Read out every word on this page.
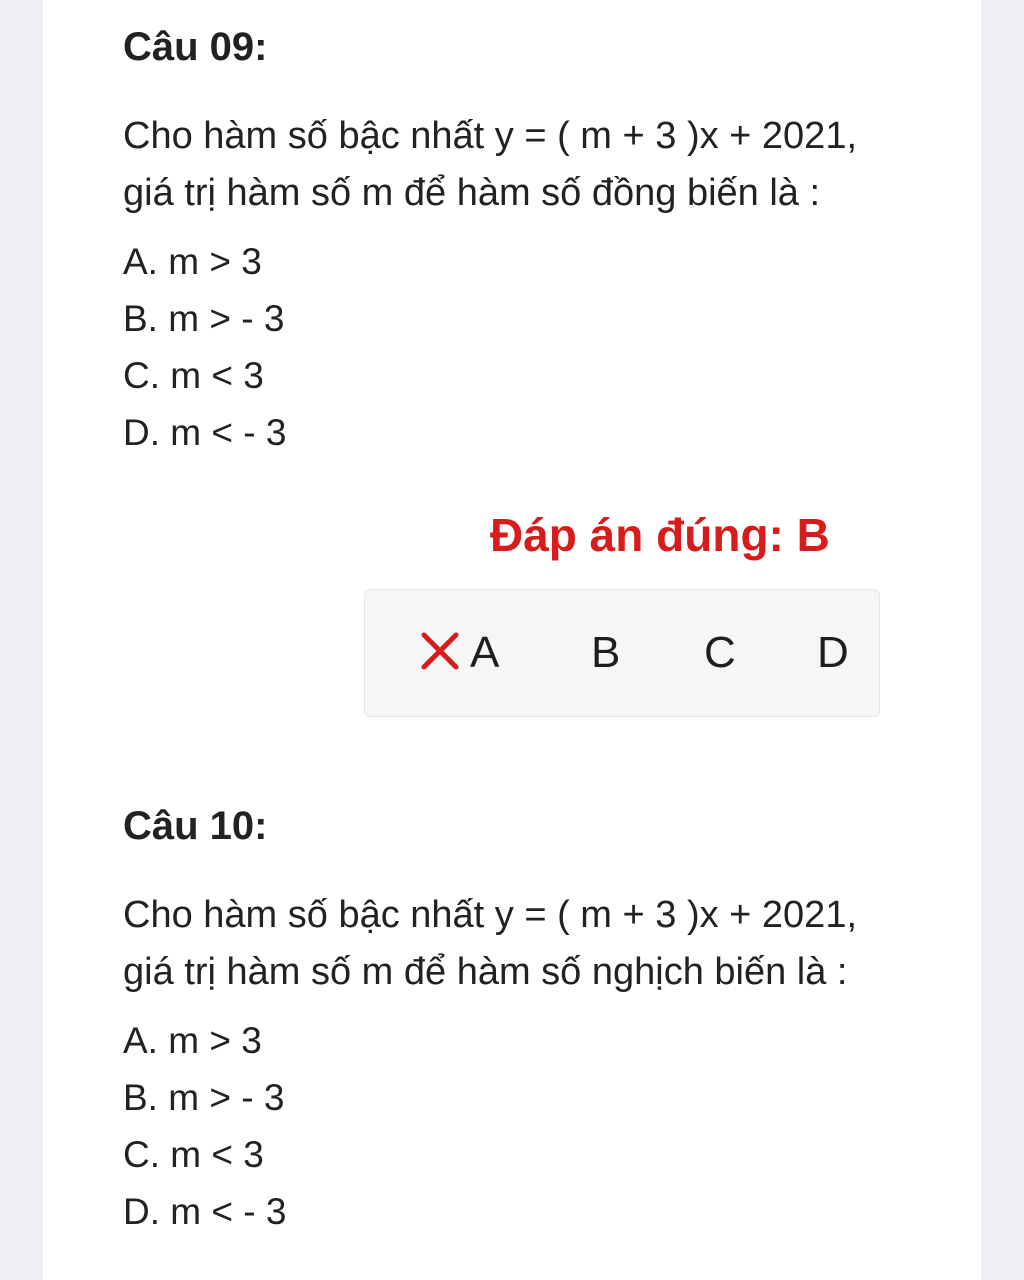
Câu 09:
Cho hàm số bậc nhất y = ( m + 3 )x + 2021,
giá trị hàm số m để hàm số đồng biến là :
A. m > 3
B. m > - 3
C. m < 3
D. m < - 3
Đáp án đúng: B
A B C D
Câu 10:
Cho hàm số bậc nhất y = ( m + 3 )x + 2021,
giá trị hàm số m để hàm số nghịch biến là :
A. m > 3
B. m > - 3
C. m < 3
D. m < - 3
